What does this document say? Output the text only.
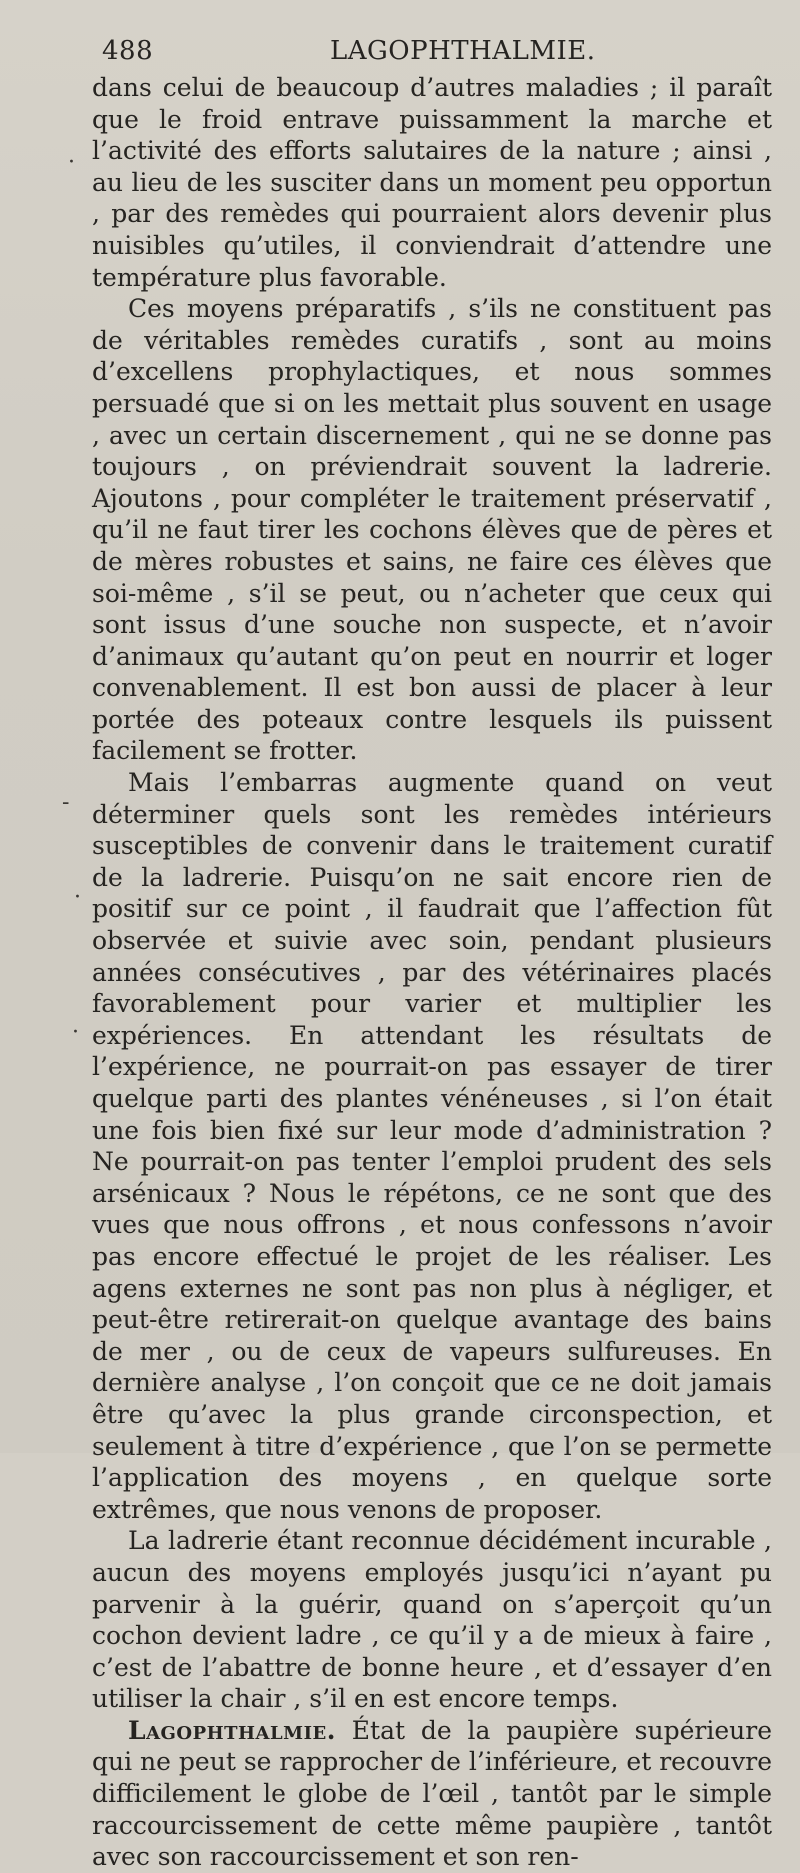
488	LAGOPHTHALMIE.

dans celui de beaucoup d’autres maladies ; il paraît que le froid entrave puissamment la marche et l’activité des efforts salutaires de la nature ; ainsi , au lieu de les susciter dans un moment peu opportun , par des remèdes qui pourraient alors devenir plus nuisibles qu’utiles, il conviendrait d’attendre une température plus favorable.

Ces moyens préparatifs , s’ils ne constituent pas de véritables remèdes curatifs , sont au moins d’excellens prophylactiques, et nous sommes persuadé que si on les mettait plus souvent en usage , avec un certain discernement , qui ne se donne pas toujours , on préviendrait souvent la ladrerie. Ajoutons , pour compléter le traitement préservatif , qu’il ne faut tirer les cochons élèves que de pères et de mères robustes et sains, ne faire ces élèves que soi-même , s’il se peut, ou n’acheter que ceux qui sont issus d’une souche non suspecte, et n’avoir d’animaux qu’autant qu’on peut en nourrir et loger convenablement. Il est bon aussi de placer à leur portée des poteaux contre lesquels ils puissent facilement se frotter.

Mais l’embarras augmente quand on veut déterminer quels sont les remèdes intérieurs susceptibles de convenir dans le traitement curatif de la ladrerie. Puisqu’on ne sait encore rien de positif sur ce point , il faudrait que l’affection fût observée et suivie avec soin, pendant plusieurs années consécutives , par des vétérinaires placés favorablement pour varier et multiplier les expériences. En attendant les résultats de l’expérience, ne pourrait-on pas essayer de tirer quelque parti des plantes vénéneuses , si l’on était une fois bien fixé sur leur mode d’administration ? Ne pourrait-on pas tenter l’emploi prudent des sels arsénicaux ? Nous le répétons, ce ne sont que des vues que nous offrons , et nous confessons n’avoir pas encore effectué le projet de les réaliser. Les agens externes ne sont pas non plus à négliger, et peut-être retirerait-on quelque avantage des bains de mer , ou de ceux de vapeurs sulfureuses. En dernière analyse , l’on conçoit que ce ne doit jamais être qu’avec la plus grande circonspection, et seulement à titre d’expérience , que l’on se permette l’application des moyens , en quelque sorte extrêmes, que nous venons de proposer.

La ladrerie étant reconnue décidément incurable , aucun des moyens employés jusqu’ici n’ayant pu parvenir à la guérir, quand on s’aperçoit qu’un cochon devient ladre , ce qu’il y a de mieux à faire , c’est de l’abattre de bonne heure , et d’essayer d’en utiliser la chair , s’il en est encore temps.

Lagophthalmie. État de la paupière supérieure qui ne peut se rapprocher de l’inférieure, et recouvre difficilement le globe de l’œil , tantôt par le simple raccourcissement de cette même paupière , tantôt avec son raccourcissement et son ren-

·
-
·
·
